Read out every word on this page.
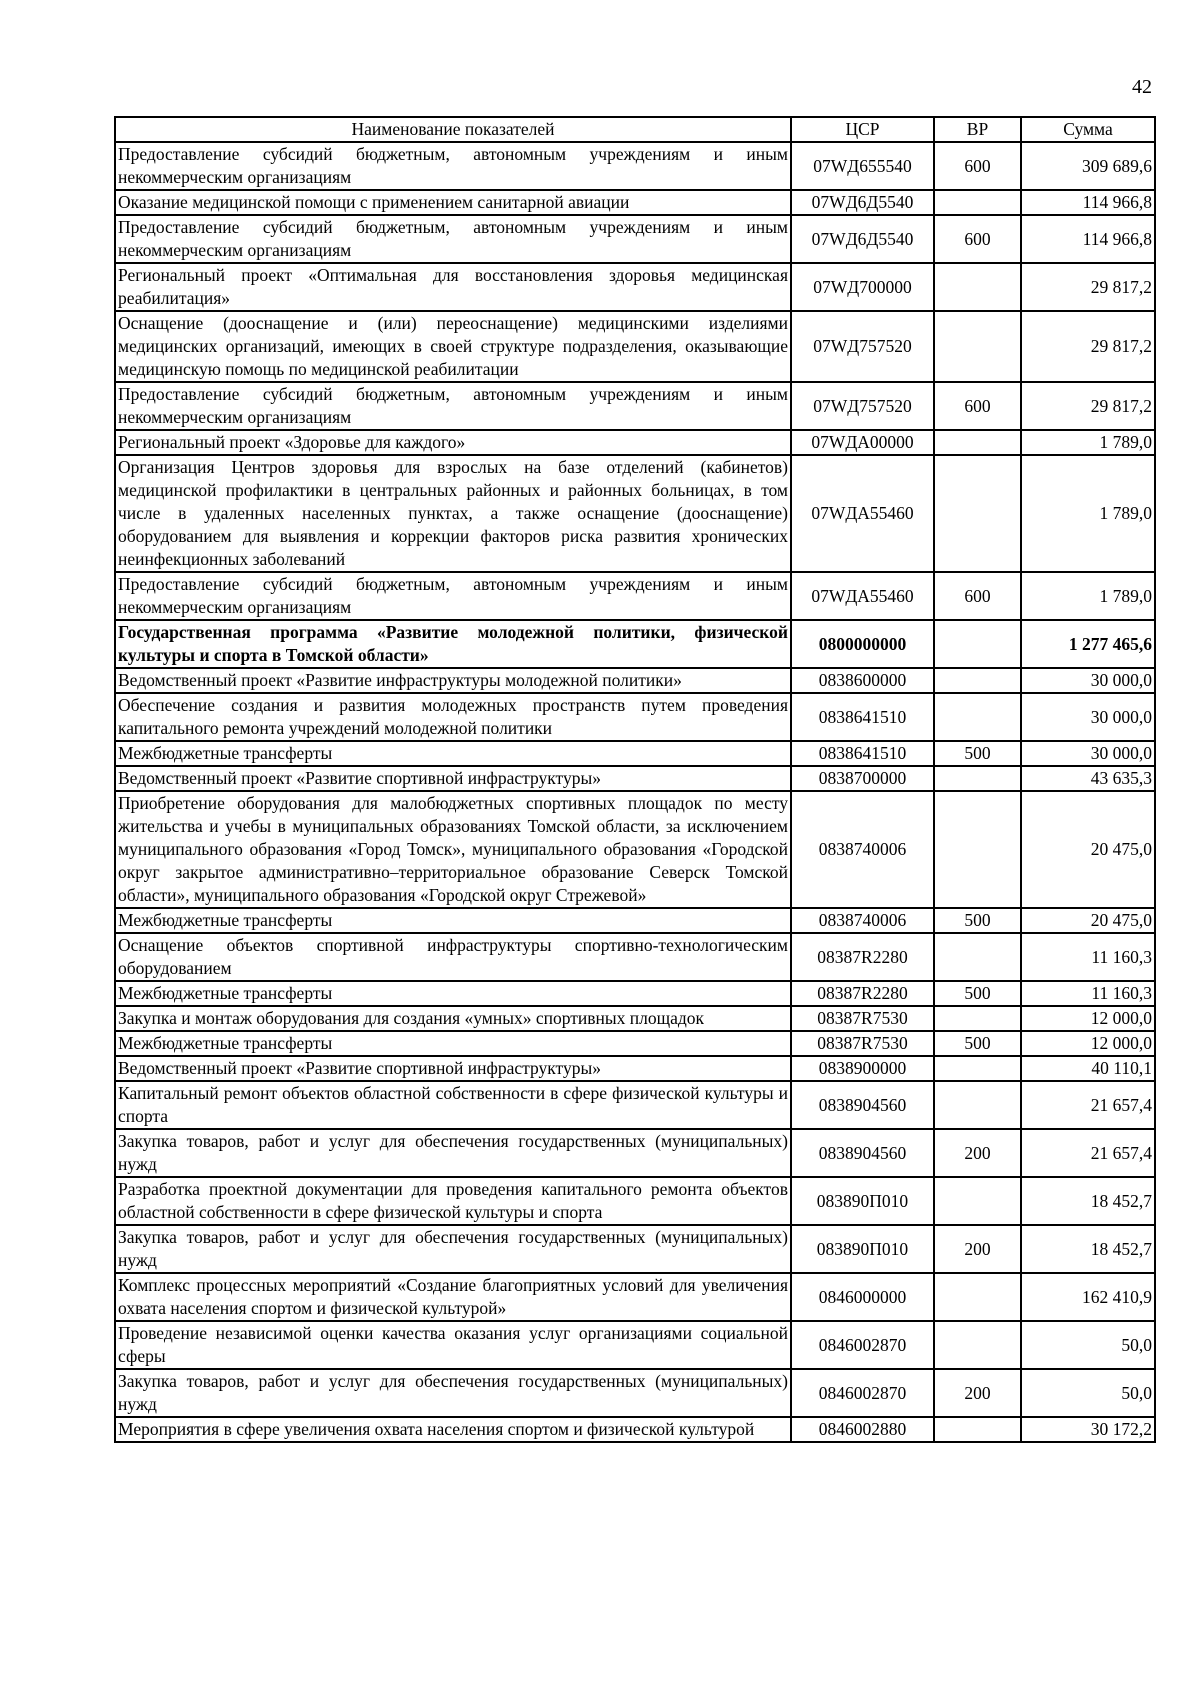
42
Наименование показателей	ЦСР	ВР	Сумма
Предоставление субсидий бюджетным, автономным учреждениям и иным некоммерческим организациям	07WД655540	600	309 689,6
Оказание медицинской помощи с применением санитарной авиации	07WД6Д5540		114 966,8
Предоставление субсидий бюджетным, автономным учреждениям и иным некоммерческим организациям	07WД6Д5540	600	114 966,8
Региональный проект «Оптимальная для восстановления здоровья медицинская реабилитация»	07WД700000		29 817,2
Оснащение (дооснащение и (или) переоснащение) медицинскими изделиями медицинских организаций, имеющих в своей структуре подразделения, оказывающие медицинскую помощь по медицинской реабилитации	07WД757520		29 817,2
Предоставление субсидий бюджетным, автономным учреждениям и иным некоммерческим организациям	07WД757520	600	29 817,2
Региональный проект «Здоровье для каждого»	07WДА00000		1 789,0
Организация Центров здоровья для взрослых на базе отделений (кабинетов) медицинской профилактики в центральных районных и районных больницах, в том числе в удаленных населенных пунктах, а также оснащение (дооснащение) оборудованием для выявления и коррекции факторов риска развития хронических неинфекционных заболеваний	07WДА55460		1 789,0
Предоставление субсидий бюджетным, автономным учреждениям и иным некоммерческим организациям	07WДА55460	600	1 789,0
Государственная программа «Развитие молодежной политики, физической культуры и спорта в Томской области»	0800000000		1 277 465,6
Ведомственный проект «Развитие инфраструктуры молодежной политики»	0838600000		30 000,0
Обеспечение создания и развития молодежных пространств путем проведения капитального ремонта учреждений молодежной политики	0838641510		30 000,0
Межбюджетные трансферты	0838641510	500	30 000,0
Ведомственный проект «Развитие спортивной инфраструктуры»	0838700000		43 635,3
Приобретение оборудования для малобюджетных спортивных площадок по месту жительства и учебы в муниципальных образованиях Томской области, за исключением муниципального образования «Город Томск», муниципального образования «Городской округ закрытое административно–территориальное образование Северск Томской области», муниципального образования «Городской округ Стрежевой»	0838740006		20 475,0
Межбюджетные трансферты	0838740006	500	20 475,0
Оснащение объектов спортивной инфраструктуры спортивно-технологическим оборудованием	08387R2280		11 160,3
Межбюджетные трансферты	08387R2280	500	11 160,3
Закупка и монтаж оборудования для создания «умных» спортивных площадок	08387R7530		12 000,0
Межбюджетные трансферты	08387R7530	500	12 000,0
Ведомственный проект «Развитие спортивной инфраструктуры»	0838900000		40 110,1
Капитальный ремонт объектов областной собственности в сфере физической культуры и спорта	0838904560		21 657,4
Закупка товаров, работ и услуг для обеспечения государственных (муниципальных) нужд	0838904560	200	21 657,4
Разработка проектной документации для проведения капитального ремонта объектов областной собственности в сфере физической культуры и спорта	083890П010		18 452,7
Закупка товаров, работ и услуг для обеспечения государственных (муниципальных) нужд	083890П010	200	18 452,7
Комплекс процессных мероприятий «Создание благоприятных условий для увеличения охвата населения спортом и физической культурой»	0846000000		162 410,9
Проведение независимой оценки качества оказания услуг организациями социальной сферы	0846002870		50,0
Закупка товаров, работ и услуг для обеспечения государственных (муниципальных) нужд	0846002870	200	50,0
Мероприятия в сфере увеличения охвата населения спортом и физической культурой	0846002880		30 172,2
